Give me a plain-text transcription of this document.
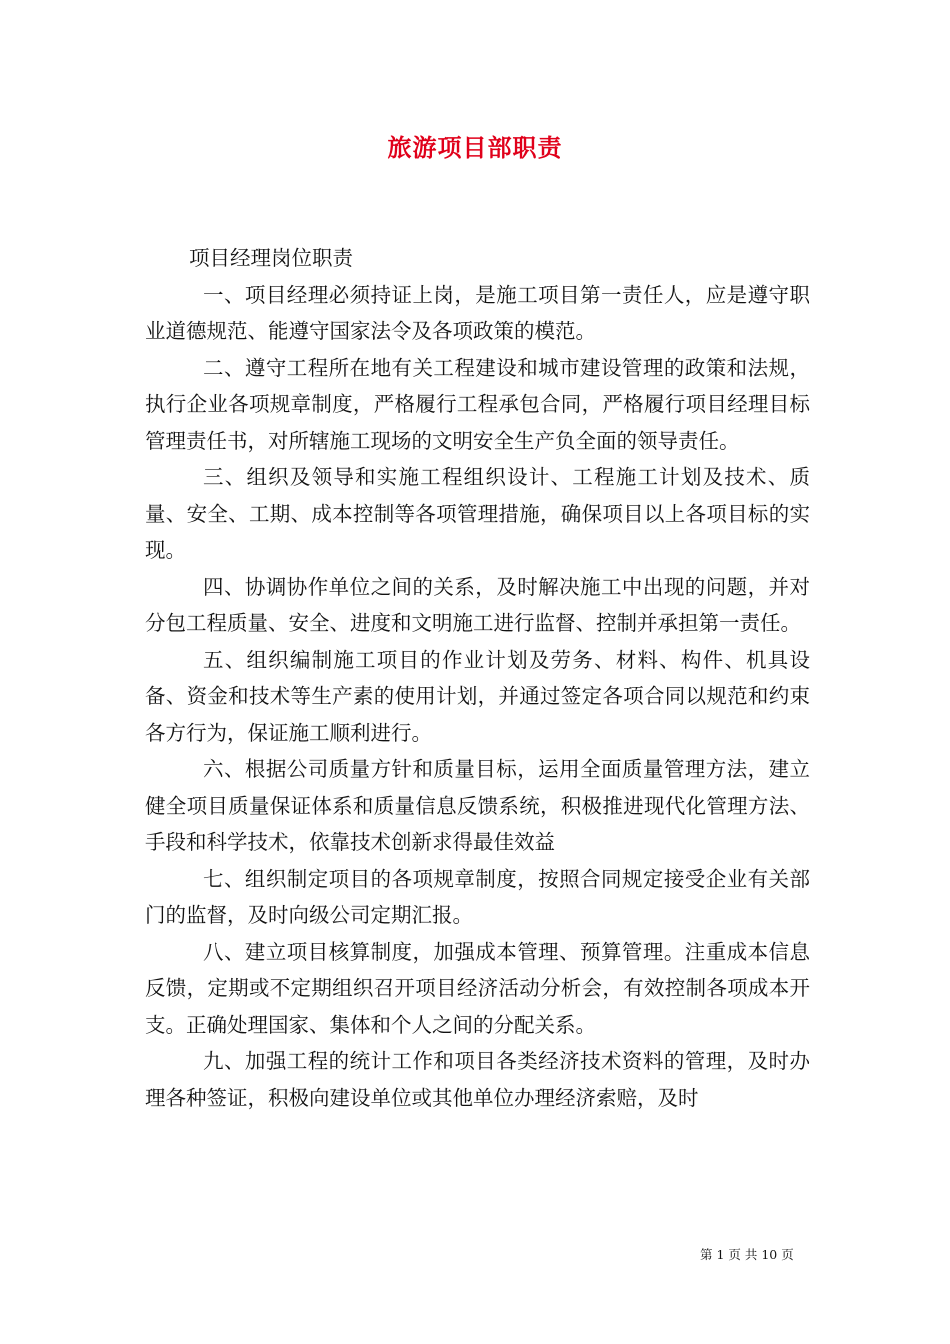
旅游项目部职责
项目经理岗位职责

一、项目经理必须持证上岗，是施工项目第一责任人，应是遵守职业道德规范、能遵守国家法令及各项政策的模范。

二、遵守工程所在地有关工程建设和城市建设管理的政策和法规，执行企业各项规章制度，严格履行工程承包合同，严格履行项目经理目标管理责任书，对所辖施工现场的文明安全生产负全面的领导责任。

三、组织及领导和实施工程组织设计、工程施工计划及技术、质量、安全、工期、成本控制等各项管理措施，确保项目以上各项目标的实现。

四、协调协作单位之间的关系，及时解决施工中出现的问题，并对分包工程质量、安全、进度和文明施工进行监督、控制并承担第一责任。

五、组织编制施工项目的作业计划及劳务、材料、构件、机具设备、资金和技术等生产素的使用计划，并通过签定各项合同以规范和约束各方行为，保证施工顺利进行。

六、根据公司质量方针和质量目标，运用全面质量管理方法，建立健全项目质量保证体系和质量信息反馈系统，积极推进现代化管理方法、手段和科学技术，依靠技术创新求得最佳效益

七、组织制定项目的各项规章制度，按照合同规定接受企业有关部门的监督，及时向级公司定期汇报。

八、建立项目核算制度，加强成本管理、预算管理。注重成本信息反馈，定期或不定期组织召开项目经济活动分析会，有效控制各项成本开支。正确处理国家、集体和个人之间的分配关系。

九、加强工程的统计工作和项目各类经济技术资料的管理，及时办理各种签证，积极向建设单位或其他单位办理经济索赔，及时

第 1 页 共 10 页
